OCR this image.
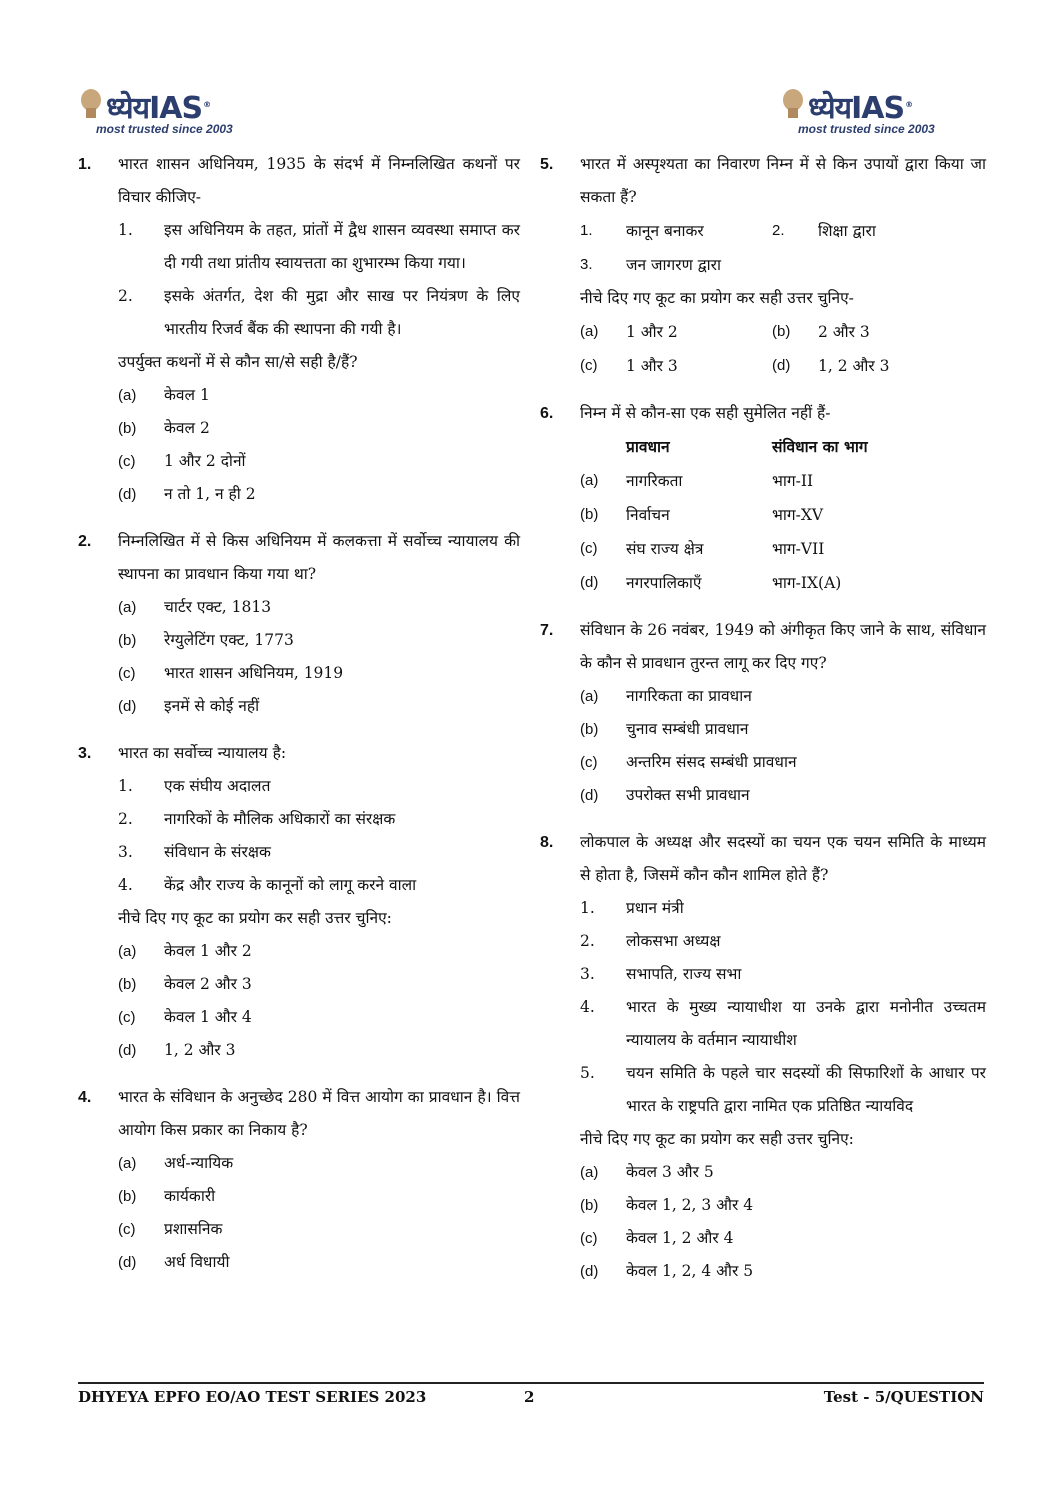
ध्येयIAS®
most trusted since 2003
ध्येयIAS®
most trusted since 2003
1. भारत शासन अधिनियम, 1935 के संदर्भ में निम्नलिखित कथनों पर विचार कीजिए-
1.	इस अधिनियम के तहत, प्रांतों में द्वैध शासन व्यवस्था समाप्त कर दी गयी तथा प्रांतीय स्वायत्तता का शुभारम्भ किया गया।
2.	इसके अंतर्गत, देश की मुद्रा और साख पर नियंत्रण के लिए भारतीय रिजर्व बैंक की स्थापना की गयी है।
उपर्युक्त कथनों में से कौन सा/से सही है/हैं?
(a)	केवल 1
(b)	केवल 2
(c)	1 और 2 दोनों
(d)	न तो 1, न ही 2
2. निम्नलिखित में से किस अधिनियम में कलकत्ता में सर्वोच्च न्यायालय की स्थापना का प्रावधान किया गया था?
(a)	चार्टर एक्ट, 1813
(b)	रेग्युलेटिंग एक्ट, 1773
(c)	भारत शासन अधिनियम, 1919
(d)	इनमें से कोई नहीं
3. भारत का सर्वोच्च न्यायालय है:
1.	एक संघीय अदालत
2.	नागरिकों के मौलिक अधिकारों का संरक्षक
3.	संविधान के संरक्षक
4.	केंद्र और राज्य के कानूनों को लागू करने वाला
नीचे दिए गए कूट का प्रयोग कर सही उत्तर चुनिए:
(a)	केवल 1 और 2
(b)	केवल 2 और 3
(c)	केवल 1 और 4
(d)	1, 2 और 3
4. भारत के संविधान के अनुच्छेद 280 में वित्त आयोग का प्रावधान है। वित्त आयोग किस प्रकार का निकाय है?
(a)	अर्ध-न्यायिक
(b)	कार्यकारी
(c)	प्रशासनिक
(d)	अर्ध विधायी
5. भारत में अस्पृश्यता का निवारण निम्न में से किन उपायों द्वारा किया जा सकता हैं?
1.	कानून बनाकर	2.	शिक्षा द्वारा
3.	जन जागरण द्वारा
नीचे दिए गए कूट का प्रयोग कर सही उत्तर चुनिए-
(a)	1 और 2	(b)	2 और 3
(c)	1 और 3	(d)	1, 2 और 3
6. निम्न में से कौन-सा एक सही सुमेलित नहीं हैं-
प्रावधान	संविधान का भाग
(a)	नागरिकता	भाग-II
(b)	निर्वाचन	भाग-XV
(c)	संघ राज्य क्षेत्र	भाग-VII
(d)	नगरपालिकाएँ	भाग-IX(A)
7. संविधान के 26 नवंबर, 1949 को अंगीकृत किए जाने के साथ, संविधान के कौन से प्रावधान तुरन्त लागू कर दिए गए?
(a)	नागरिकता का प्रावधान
(b)	चुनाव सम्बंधी प्रावधान
(c)	अन्तरिम संसद सम्बंधी प्रावधान
(d)	उपरोक्त सभी प्रावधान
8. लोकपाल के अध्यक्ष और सदस्यों का चयन एक चयन समिति के माध्यम से होता है, जिसमें कौन कौन शामिल होते हैं?
1.	प्रधान मंत्री
2.	लोकसभा अध्यक्ष
3.	सभापति, राज्य सभा
4.	भारत के मुख्य न्यायाधीश या उनके द्वारा मनोनीत उच्चतम न्यायालय के वर्तमान न्यायाधीश
5.	चयन समिति के पहले चार सदस्यों की सिफारिशों के आधार पर भारत के राष्ट्रपति द्वारा नामित एक प्रतिष्ठित न्यायविद
नीचे दिए गए कूट का प्रयोग कर सही उत्तर चुनिए:
(a)	केवल 3 और 5
(b)	केवल 1, 2, 3 और 4
(c)	केवल 1, 2 और 4
(d)	केवल 1, 2, 4 और 5
DHYEYA EPFO EO/AO TEST SERIES 2023	2	Test - 5/QUESTION
